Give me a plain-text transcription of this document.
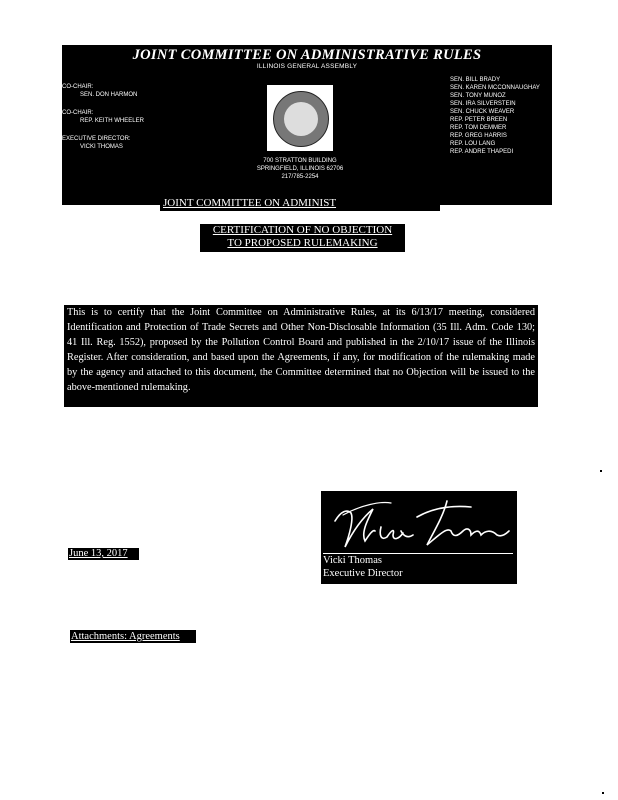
JOINT COMMITTEE ON ADMINISTRATIVE RULES
ILLINOIS GENERAL ASSEMBLY
CO-CHAIR:
SEN. DON HARMON
CO-CHAIR:
REP. KEITH WHEELER
EXECUTIVE DIRECTOR:
VICKI THOMAS
700 STRATTON BUILDING
SPRINGFIELD, ILLINOIS 62706
217/785-2254
SEN. BILL BRADY
SEN. KAREN MCCONNAUGHAY
SEN. TONY MUNOZ
SEN. IRA SILVERSTEIN
SEN. CHUCK WEAVER
REP. PETER BREEN
REP. TOM DEMMER
REP. GREG HARRIS
REP. LOU LANG
REP. ANDRE THAPEDI
JOINT COMMITTEE ON ADMINIST
CERTIFICATION OF NO OBJECTION
TO PROPOSED RULEMAKING
This is to certify that the Joint Committee on Administrative Rules, at its 6/13/17 meeting, considered Identification and Protection of Trade Secrets and Other Non-Disclosable Information (35 Ill. Adm. Code 130; 41 Ill. Reg. 1552), proposed by the Pollution Control Board and published in the 2/10/17 issue of the Illinois Register. After consideration, and based upon the Agreements, if any, for modification of the rulemaking made by the agency and attached to this document, the Committee determined that no Objection will be issued to the above-mentioned rulemaking.
June 13, 2017
Vicki Thomas
Executive Director
Attachments: Agreements
